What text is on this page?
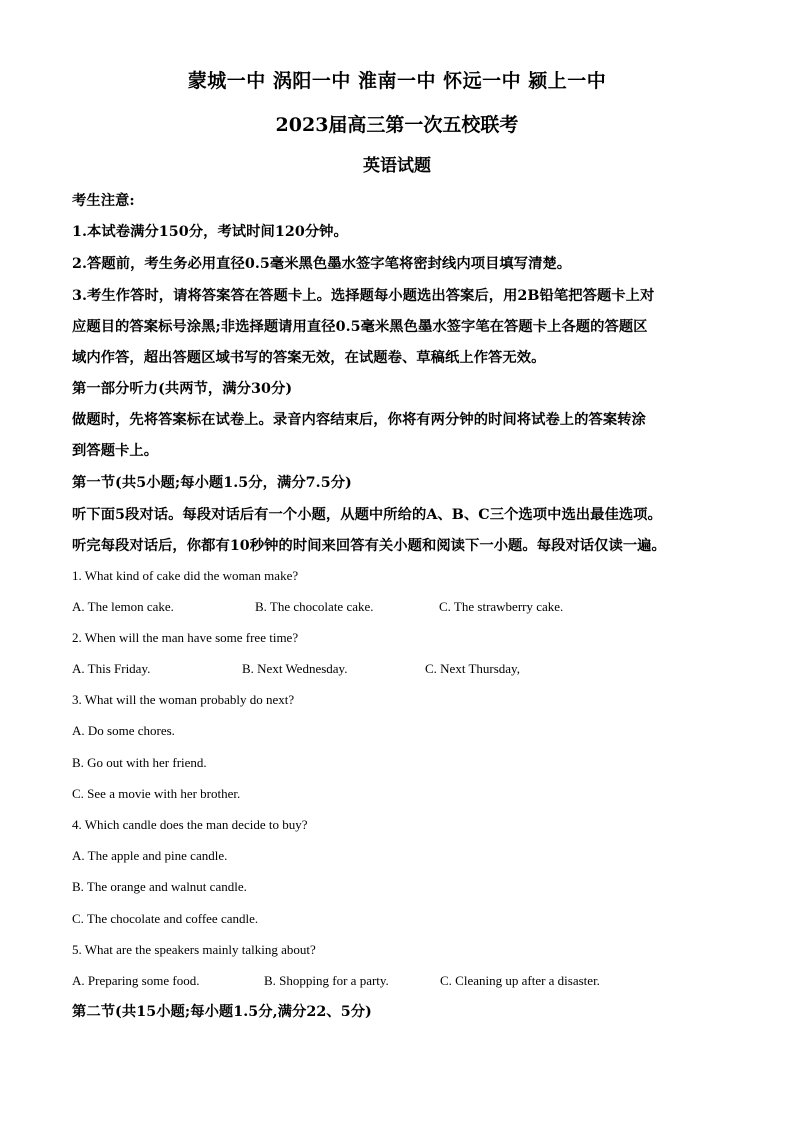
蒙城一中 涡阳一中 淮南一中 怀远一中 颍上一中
2023届高三第一次五校联考
英语试题
考生注意:
1.本试卷满分150分，考试时间120分钟。
2.答题前，考生务必用直径0.5毫米黑色墨水签字笔将密封线内项目填写清楚。
3.考生作答时，请将答案答在答题卡上。选择题每小题选出答案后，用2B铅笔把答题卡上对
应题目的答案标号涂黑;非选择题请用直径0.5毫米黑色墨水签字笔在答题卡上各题的答题区
域内作答，超出答题区域书写的答案无效，在试题卷、草稿纸上作答无效。
第一部分听力(共两节，满分30分)
做题时，先将答案标在试卷上。录音内容结束后，你将有两分钟的时间将试卷上的答案转涂
到答题卡上。
第一节(共5小题;每小题1.5分，满分7.5分)
听下面5段对话。每段对话后有一个小题，从题中所给的A、B、C三个选项中选出最佳选项。
听完每段对话后，你都有10秒钟的时间来回答有关小题和阅读下一小题。每段对话仅读一遍。
1. What kind of cake did the woman make?
A. The lemon cake.	B. The chocolate cake.	C. The strawberry cake.
2. When will the man have some free time?
A. This Friday.	B. Next Wednesday.	C. Next Thursday,
3. What will the woman probably do next?
A. Do some chores.
B. Go out with her friend.
C. See a movie with her brother.
4. Which candle does the man decide to buy?
A. The apple and pine candle.
B. The orange and walnut candle.
C. The chocolate and coffee candle.
5. What are the speakers mainly talking about?
A. Preparing some food.	B. Shopping for a party.	C. Cleaning up after a disaster.
第二节(共15小题;每小题1.5分,满分22、5分)
